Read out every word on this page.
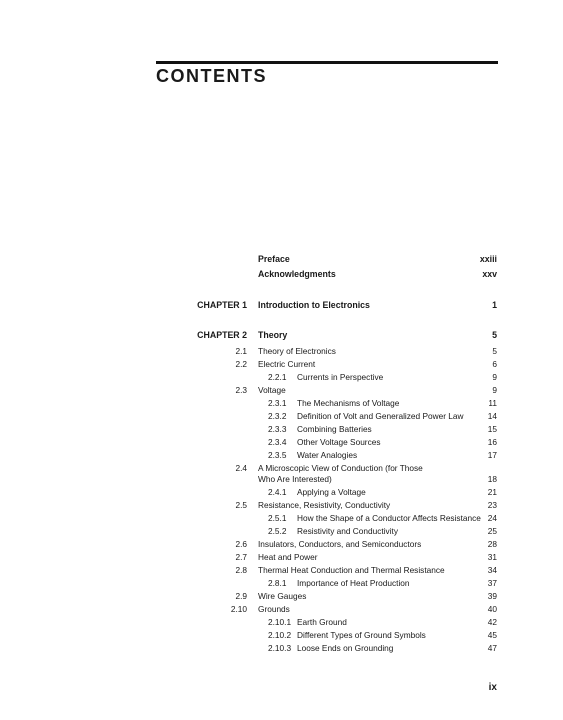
CONTENTS
Preface	xxiii
Acknowledgments	xxv
CHAPTER 1 Introduction to Electronics	1
CHAPTER 2 Theory	5
2.1 Theory of Electronics	5
2.2 Electric Current	6
2.2.1 Currents in Perspective	9
2.3 Voltage	9
2.3.1 The Mechanisms of Voltage	11
2.3.2 Definition of Volt and Generalized Power Law	14
2.3.3 Combining Batteries	15
2.3.4 Other Voltage Sources	16
2.3.5 Water Analogies	17
2.4 A Microscopic View of Conduction (for Those
Who Are Interested)	18
2.4.1 Applying a Voltage	21
2.5 Resistance, Resistivity, Conductivity	23
2.5.1 How the Shape of a Conductor Affects Resistance 24
2.5.2 Resistivity and Conductivity	25
2.6 Insulators, Conductors, and Semiconductors	28
2.7 Heat and Power	31
2.8 Thermal Heat Conduction and Thermal Resistance	34
2.8.1 Importance of Heat Production	37
2.9 Wire Gauges	39
2.10 Grounds	40
2.10.1 Earth Ground	42
2.10.2 Different Types of Ground Symbols	45
2.10.3 Loose Ends on Grounding	47
ix
